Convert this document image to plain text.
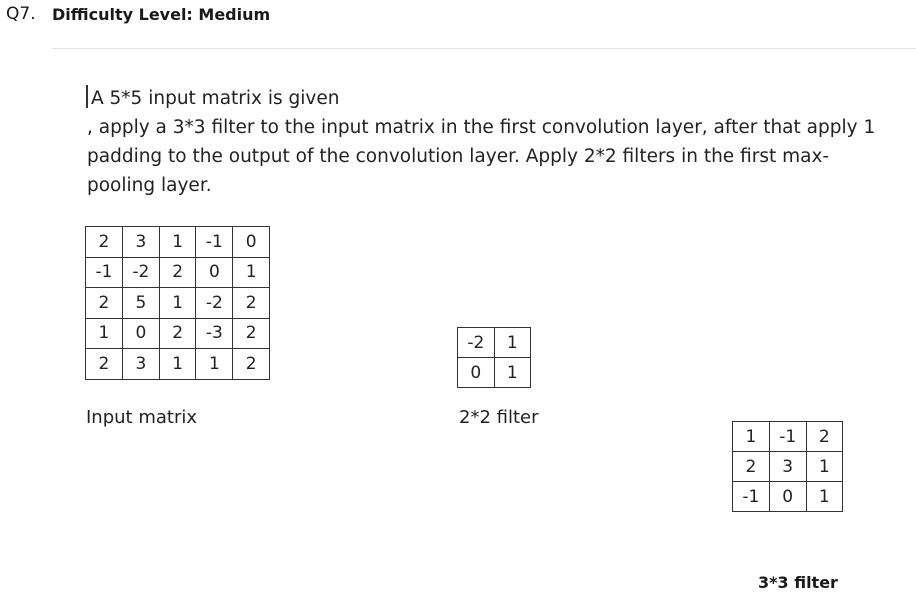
Q7. Difficulty Level: Medium
A 5*5 input matrix is given
, apply a 3*3 filter to the input matrix in the first convolution layer, after that apply 1
padding to the output of the convolution layer. Apply 2*2 filters in the first max-
pooling layer.
2	3	1	-1	0
-1	-2	2	0	1
2	5	1	-2	2
1	0	2	-3	2
2	3	1	1	2
Input matrix
-2	1
0	1
2*2 filter
1	-1	2
2	3	1
-1	0	1
3*3 filter
